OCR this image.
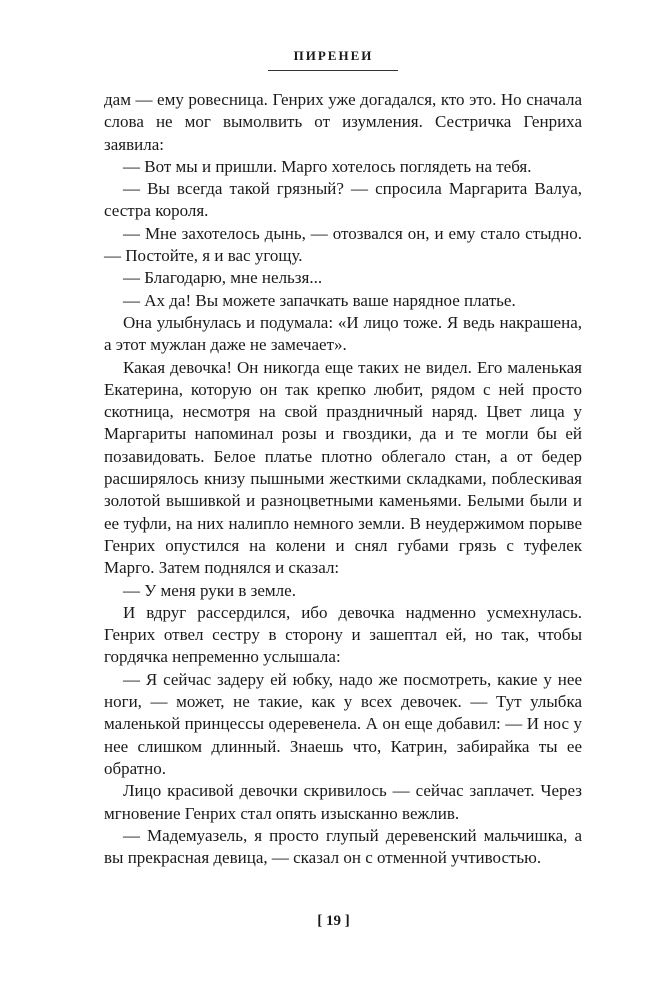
ПИРЕНЕИ

дам — ему ровесница. Генрих уже догадался, кто это. Но сначала слова не мог вымолвить от изумления. Сестричка Генриха заявила:

— Вот мы и пришли. Марго хотелось поглядеть на тебя.

— Вы всегда такой грязный? — спросила Маргарита Валуа, сестра короля.

— Мне захотелось дынь, — отозвался он, и ему стало стыдно. — Постойте, я и вас угощу.

— Благодарю, мне нельзя...

— Ах да! Вы можете запачкать ваше нарядное платье.

Она улыбнулась и подумала: «И лицо тоже. Я ведь накрашена, а этот мужлан даже не замечает».

Какая девочка! Он никогда еще таких не видел. Его маленькая Екатерина, которую он так крепко любит, рядом с ней просто скотница, несмотря на свой праздничный наряд. Цвет лица у Маргариты напоминал розы и гвоздики, да и те могли бы ей позавидовать. Белое платье плотно облегало стан, а от бедер расширялось книзу пышными жесткими складками, поблескивая золотой вышивкой и разноцветными каменьями. Белыми были и ее туфли, на них налипло немного земли. В неудержимом порыве Генрих опустился на колени и снял губами грязь с туфелек Марго. Затем поднялся и сказал:

— У меня руки в земле.

И вдруг рассердился, ибо девочка надменно усмехнулась. Генрих отвел сестру в сторону и зашептал ей, но так, чтобы гордячка непременно услышала:

— Я сейчас задеру ей юбку, надо же посмотреть, какие у нее ноги, — может, не такие, как у всех девочек. — Тут улыбка маленькой принцессы одеревенела. А он еще добавил: — И нос у нее слишком длинный. Знаешь что, Катрин, забирайка ты ее обратно.

Лицо красивой девочки скривилось — сейчас заплачет. Через мгновение Генрих стал опять изысканно вежлив.

— Мадемуазель, я просто глупый деревенский мальчишка, а вы прекрасная девица, — сказал он с отменной учтивостью.

[ 19 ]
